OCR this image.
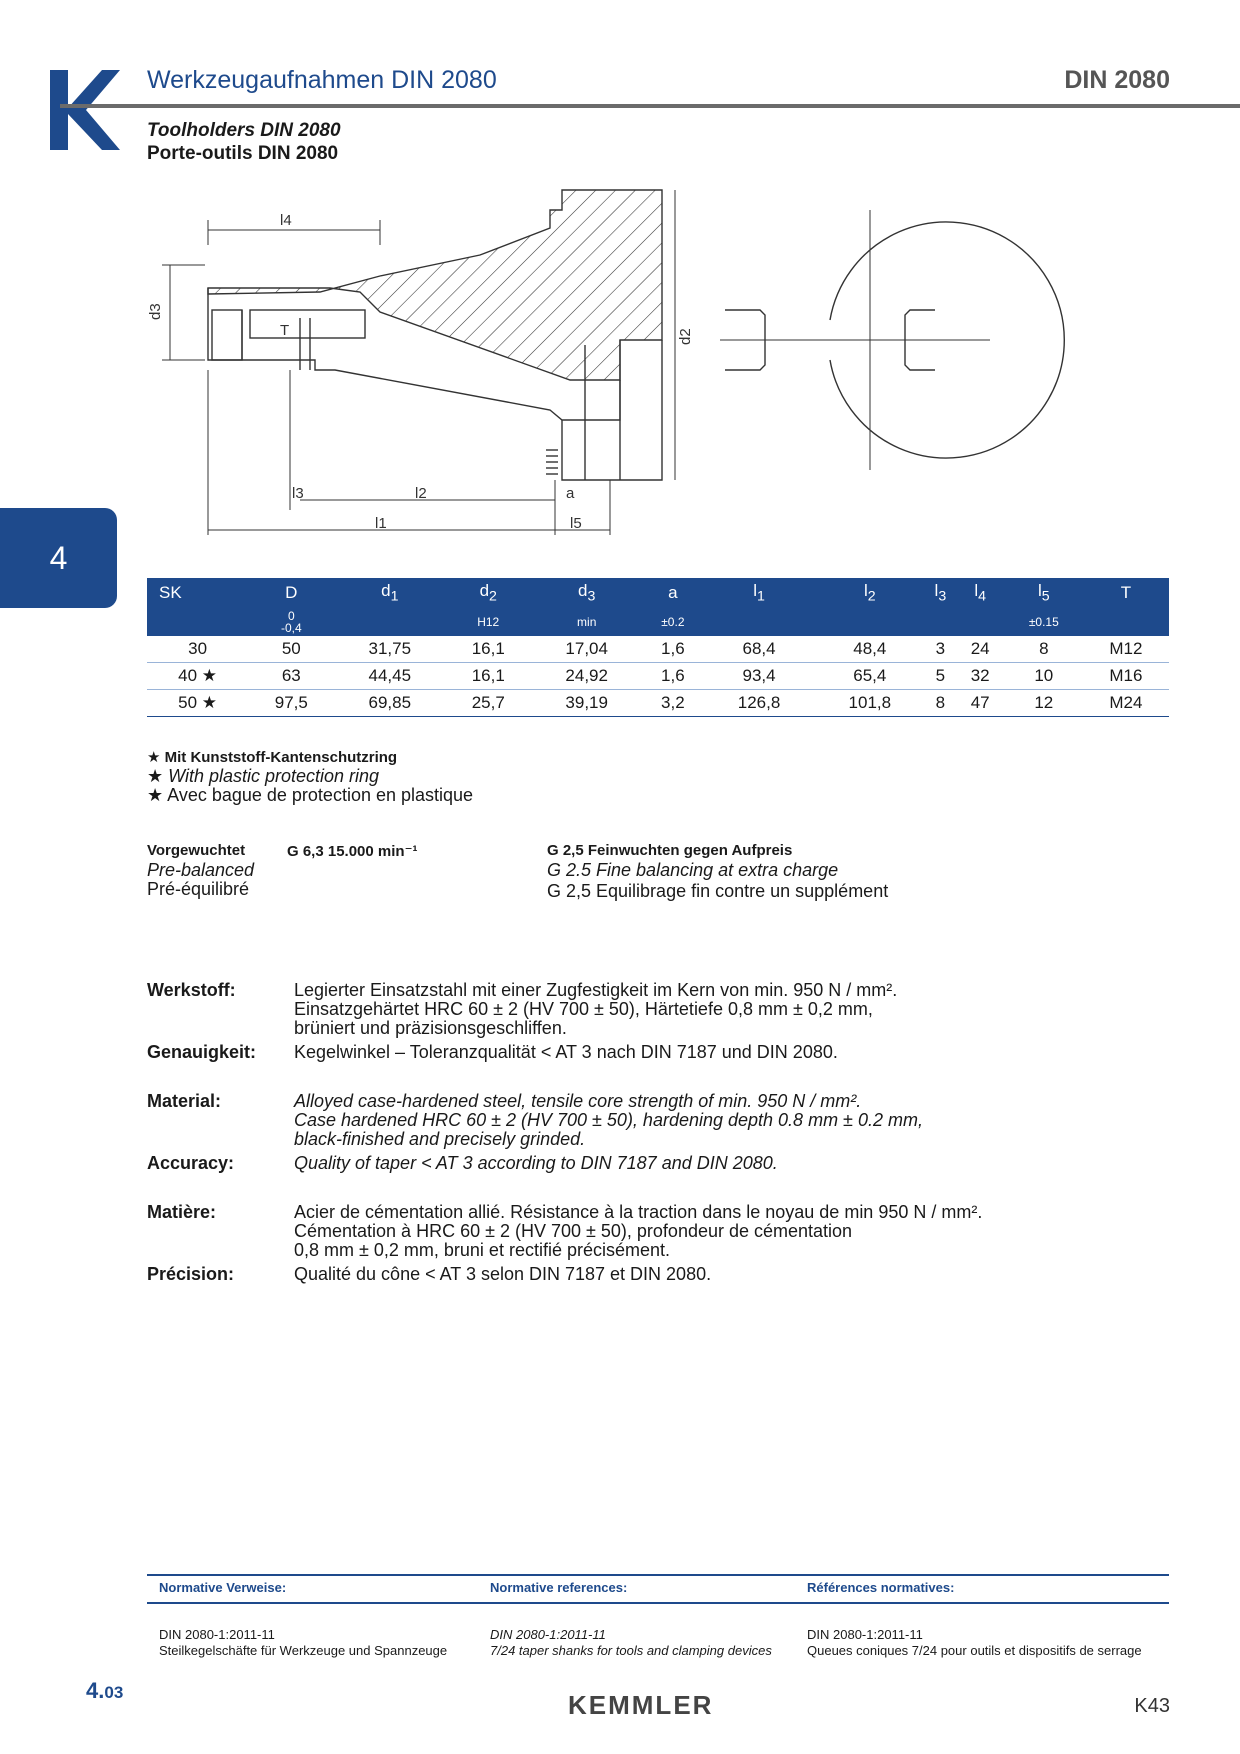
Werkzeugaufnahmen DIN 2080	DIN 2080
Toolholders DIN 2080
Porte-outils DIN 2080
4
l4
d3
T	d2
l3	l2	a
l1	l5
SK	D	$d_1$	$d_2$	$d_3$	a	$l_1$	$l_2$	$l_3$	$l_4$	$l_5$	T
	0
-0,4		H12	min	±0.2					±0.15	
30	50	31,75	16,1	17,04	1,6	68,4	48,4	3	24	8	M12
40 ★	63	44,45	16,1	24,92	1,6	93,4	65,4	5	32	10	M16
50 ★	97,5	69,85	25,7	39,19	3,2	126,8	101,8	8	47	12	M24
★ Mit Kunststoff-Kantenschutzring
★ With plastic protection ring
★ Avec bague de protection en plastique
Vorgewuchtet	G 6,3 15.000 min⁻¹
Pre-balanced
Pré-équilibré
G 2,5 Feinwuchten gegen Aufpreis
G 2.5 Fine balancing at extra charge
G 2,5 Equilibrage fin contre un supplément
Werkstoff:	Legierter Einsatzstahl mit einer Zugfestigkeit im Kern von min. 950 N / mm².
Einsatzgehärtet HRC 60 ± 2 (HV 700 ± 50), Härtetiefe 0,8 mm ± 0,2 mm,
brüniert und präzisionsgeschliffen.
Genauigkeit: Kegelwinkel – Toleranzqualität < AT 3 nach DIN 7187 und DIN 2080.
Material:	Alloyed case-hardened steel, tensile core strength of min. 950 N / mm².
Case hardened HRC 60 ± 2 (HV 700 ± 50), hardening depth 0.8 mm ± 0.2 mm,
black-finished and precisely grinded.
Accuracy:	Quality of taper < AT 3 according to DIN 7187 and DIN 2080.
Matière:	Acier de cémentation allié. Résistance à la traction dans le noyau de min 950 N / mm².
Cémentation à HRC 60 ± 2 (HV 700 ± 50), profondeur de cémentation
0,8 mm ± 0,2 mm, bruni et rectifié précisément.
Précision:	Qualité du cône < AT 3 selon DIN 7187 et DIN 2080.
Normative Verweise:	Normative references:	Références normatives:
DIN 2080-1:2011-11
Steilkegelschäfte für Werkzeuge und Spannzeuge
DIN 2080-1:2011-11
7/24 taper shanks for tools and clamping devices
DIN 2080-1:2011-11
Queues coniques 7/24 pour outils et dispositifs de serrage
4.03	KEMMLER	K43
